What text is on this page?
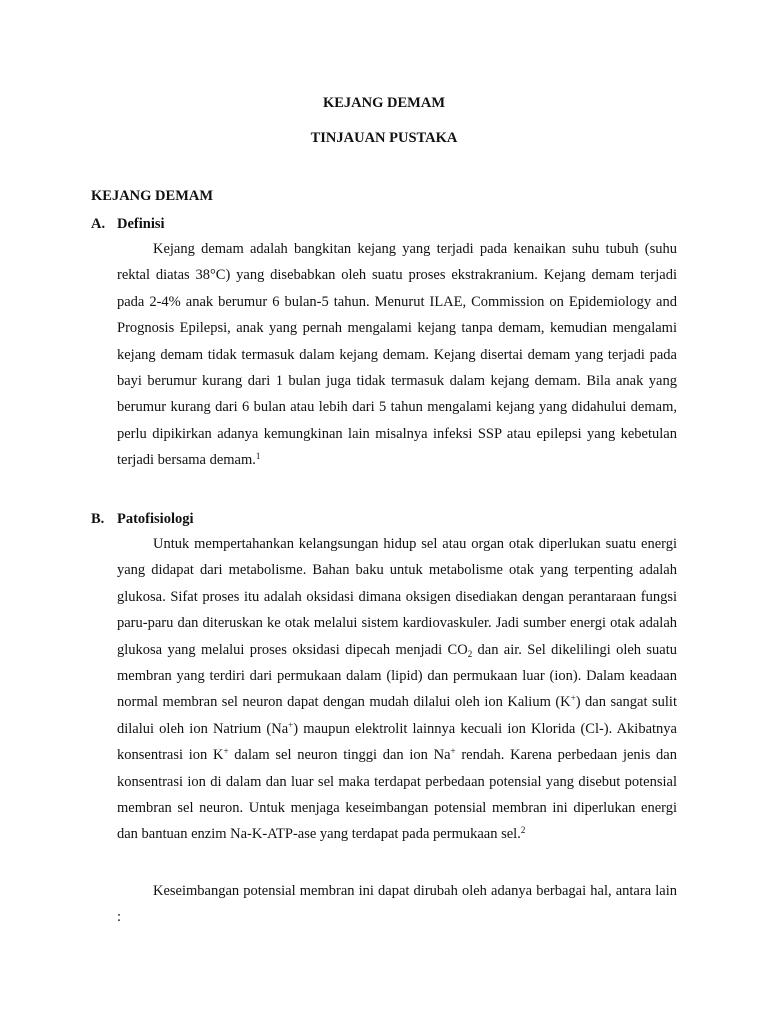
KEJANG DEMAM
TINJAUAN PUSTAKA
KEJANG DEMAM
A. Definisi

Kejang demam adalah bangkitan kejang yang terjadi pada kenaikan suhu tubuh (suhu rektal diatas 38°C) yang disebabkan oleh suatu proses ekstrakranium. Kejang demam terjadi pada 2-4% anak berumur 6 bulan-5 tahun. Menurut ILAE, Commission on Epidemiology and Prognosis Epilepsi, anak yang pernah mengalami kejang tanpa demam, kemudian mengalami kejang demam tidak termasuk dalam kejang demam. Kejang disertai demam yang terjadi pada bayi berumur kurang dari 1 bulan juga tidak termasuk dalam kejang demam. Bila anak yang berumur kurang dari 6 bulan atau lebih dari 5 tahun mengalami kejang yang didahului demam, perlu dipikirkan adanya kemungkinan lain misalnya infeksi SSP atau epilepsi yang kebetulan terjadi bersama demam.$^1$

B. Patofisiologi

Untuk mempertahankan kelangsungan hidup sel atau organ otak diperlukan suatu energi yang didapat dari metabolisme. Bahan baku untuk metabolisme otak yang terpenting adalah glukosa. Sifat proses itu adalah oksidasi dimana oksigen disediakan dengan perantaraan fungsi paru-paru dan diteruskan ke otak melalui sistem kardiovaskuler. Jadi sumber energi otak adalah glukosa yang melalui proses oksidasi dipecah menjadi $CO_2$ dan air. Sel dikelilingi oleh suatu membran yang terdiri dari permukaan dalam (lipid) dan permukaan luar (ion). Dalam keadaan normal membran sel neuron dapat dengan mudah dilalui oleh ion Kalium (K+) dan sangat sulit dilalui oleh ion Natrium (Na+) maupun elektrolit lainnya kecuali ion Klorida (Cl-). Akibatnya konsentrasi ion K+ dalam sel neuron tinggi dan ion Na+ rendah. Karena perbedaan jenis dan konsentrasi ion di dalam dan luar sel maka terdapat perbedaan potensial yang disebut potensial membran sel neuron. Untuk menjaga keseimbangan potensial membran ini diperlukan energi dan bantuan enzim Na-K-ATP-ase yang terdapat pada permukaan sel.$^2$

Keseimbangan potensial membran ini dapat dirubah oleh adanya berbagai hal, antara lain :
